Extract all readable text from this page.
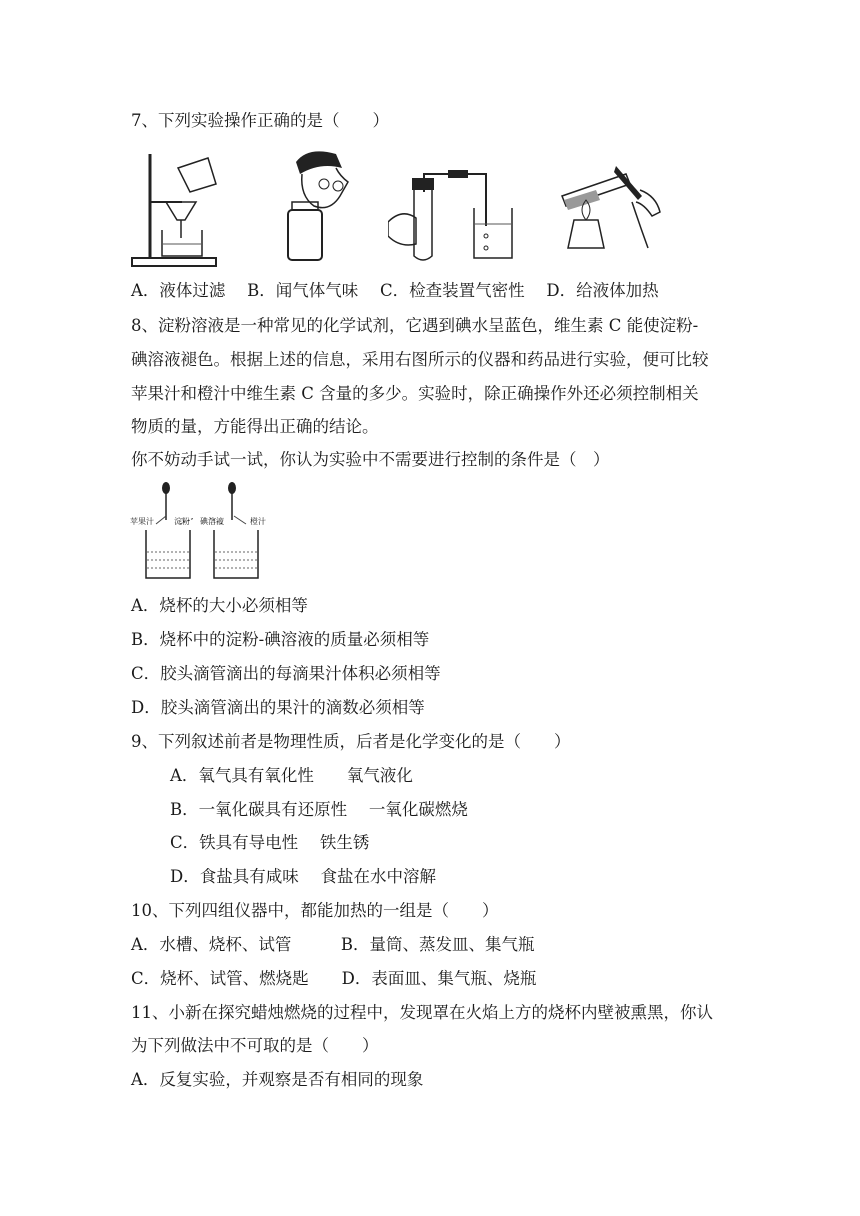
7、下列实验操作正确的是（　　）
A．液体过滤　 B．闻气体气味　 C．检查装置气密性　 D．给液体加热
8、淀粉溶液是一种常见的化学试剂，它遇到碘水呈蓝色，维生素 C 能使淀粉-
碘溶液褪色。根据上述的信息，采用右图所示的仪器和药品进行实验，便可比较
苹果汁和橙汁中维生素 C 含量的多少。实验时，除正确操作外还必须控制相关
物质的量，方能得出正确的结论。
你不妨动手试一试，你认为实验中不需要进行控制的条件是（　）
苹果汁	淀粉 碘溶液	橙汁
A．烧杯的大小必须相等
B．烧杯中的淀粉-碘溶液的质量必须相等
C．胶头滴管滴出的每滴果汁体积必须相等
D．胶头滴管滴出的果汁的滴数必须相等
9、下列叙述前者是物理性质，后者是化学变化的是（　　）
A．氧气具有氧化性　　氧气液化
B．一氧化碳具有还原性　 一氧化碳燃烧
C．铁具有导电性　 铁生锈
D．食盐具有咸味　 食盐在水中溶解
10、下列四组仪器中，都能加热的一组是（　　）
A．水槽、烧杯、试管　　　B．量筒、蒸发皿、集气瓶
C．烧杯、试管、燃烧匙　　D．表面皿、集气瓶、烧瓶
11、小新在探究蜡烛燃烧的过程中，发现罩在火焰上方的烧杯内壁被熏黑，你认
为下列做法中不可取的是（　　）
A．反复实验，并观察是否有相同的现象
